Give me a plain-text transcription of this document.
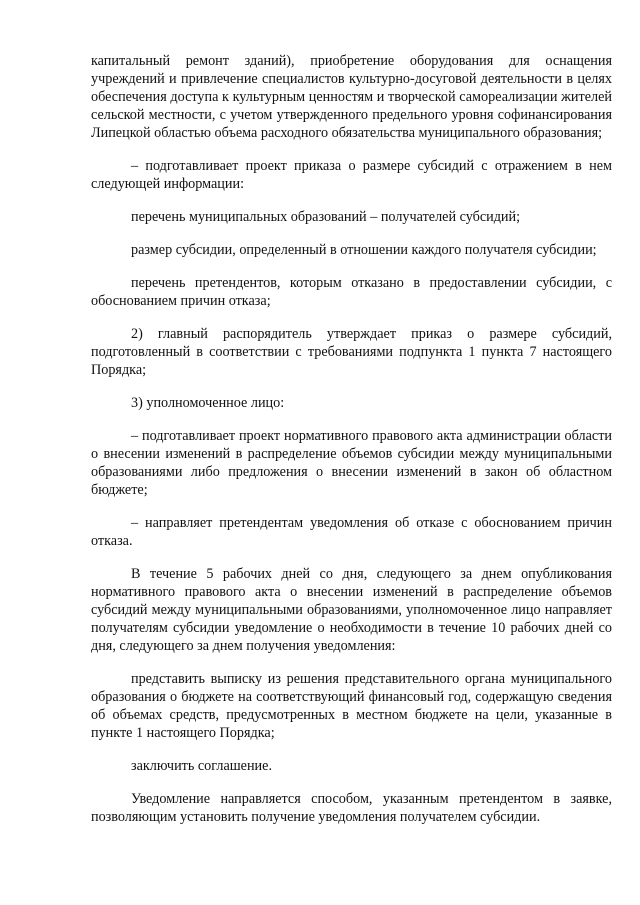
капитальный ремонт зданий), приобретение оборудования для оснащения учреждений и привлечение специалистов культурно-досуговой деятельности в целях обеспечения доступа к культурным ценностям и творческой самореализации жителей сельской местности, с учетом утвержденного предельного уровня софинансирования Липецкой областью объема расходного обязательства муниципального образования;

– подготавливает проект приказа о размере субсидий с отражением в нем следующей информации:

перечень муниципальных образований – получателей субсидий;

размер субсидии, определенный в отношении каждого получателя субсидии;

перечень претендентов, которым отказано в предоставлении субсидии, с обоснованием причин отказа;

2) главный распорядитель утверждает приказ о размере субсидий, подготовленный в соответствии с требованиями подпункта 1 пункта 7 настоящего Порядка;

3) уполномоченное лицо:

– подготавливает проект нормативного правового акта администрации области о внесении изменений в распределение объемов субсидии между муниципальными образованиями либо предложения о внесении изменений в закон об областном бюджете;

– направляет претендентам уведомления об отказе с обоснованием причин отказа.

В течение 5 рабочих дней со дня, следующего за днем опубликования нормативного правового акта о внесении изменений в распределение объемов субсидий между муниципальными образованиями, уполномоченное лицо направляет получателям субсидии уведомление о необходимости в течение 10 рабочих дней со дня, следующего за днем получения уведомления:

представить выписку из решения представительного органа муниципального образования о бюджете на соответствующий финансовый год, содержащую сведения об объемах средств, предусмотренных в местном бюджете на цели, указанные в пункте 1 настоящего Порядка;

заключить соглашение.

Уведомление направляется способом, указанным претендентом в заявке, позволяющим установить получение уведомления получателем субсидии.
